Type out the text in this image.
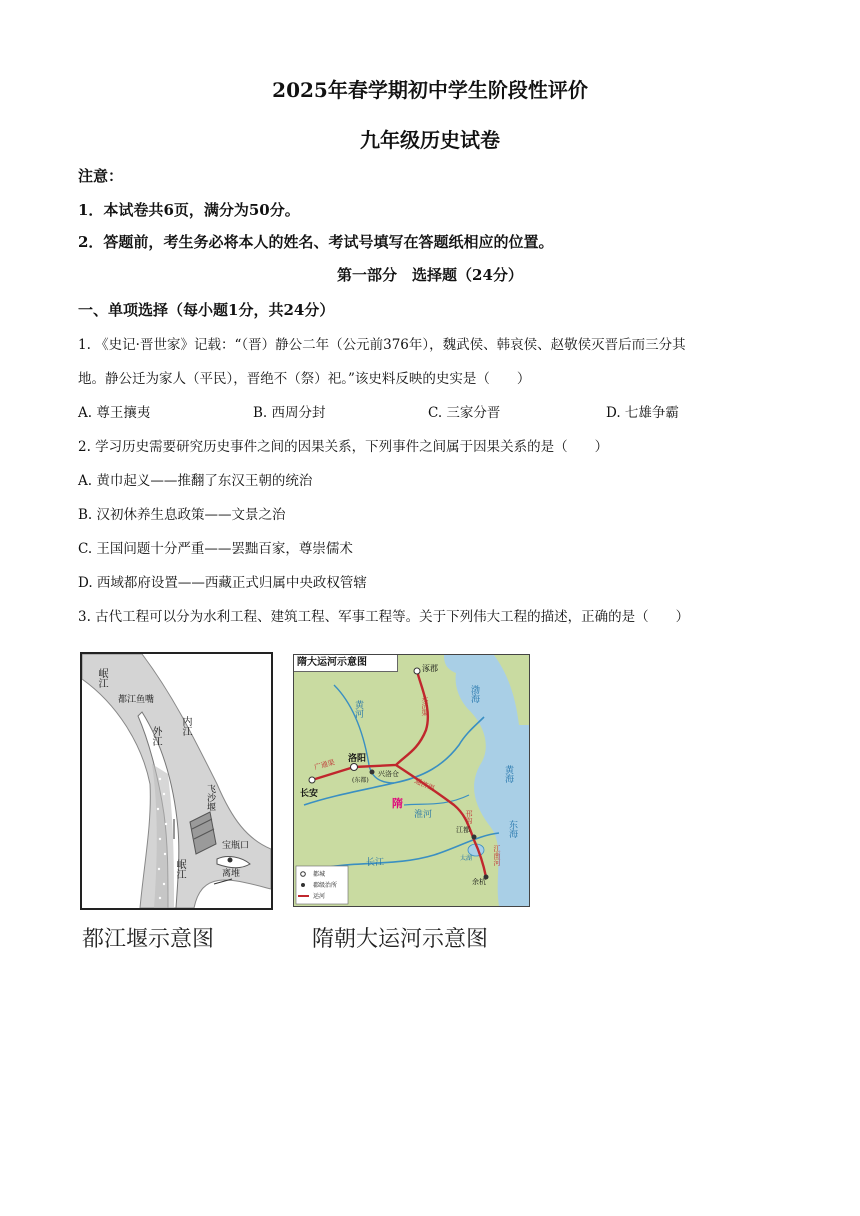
2025年春学期初中学生阶段性评价
九年级历史试卷
注意：
1．本试卷共6页，满分为50分。
2．答题前，考生务必将本人的姓名、考试号填写在答题纸相应的位置。
第一部分　选择题（24分）
一、单项选择（每小题1分，共24分）
1. 《史记·晋世家》记载：“（晋）静公二年（公元前376年），魏武侯、韩哀侯、赵敬侯灭晋后而三分其
地。静公迁为家人（平民），晋绝不（祭）祀。”该史料反映的史实是（　　）
A. 尊王攘夷	B. 西周分封	C. 三家分晋	D. 七雄争霸
2. 学习历史需要研究历史事件之间的因果关系，下列事件之间属于因果关系的是（　　）
A. 黄巾起义——推翻了东汉王朝的统治
B. 汉初休养生息政策——文景之治
C. 王国问题十分严重——罢黜百家，尊崇儒术
D. 西域都府设置——西藏正式归属中央政权管辖
3. 古代工程可以分为水利工程、建筑工程、军事工程等。关于下列伟大工程的描述，正确的是（　　）
岷江
都江鱼嘴
外江 内江
飞沙堰
宝瓶口
离堆
岷江
都江堰示意图
隋大运河示意图
涿郡
长安
洛阳
(东都)
兴洛仓
江都
余杭
隋
广通渠
永济渠
通济渠
邗沟
江南河
黄河
长江
淮河
黄海
东海
渤海
太湖
都城
郡级治所
运河
隋朝大运河示意图
